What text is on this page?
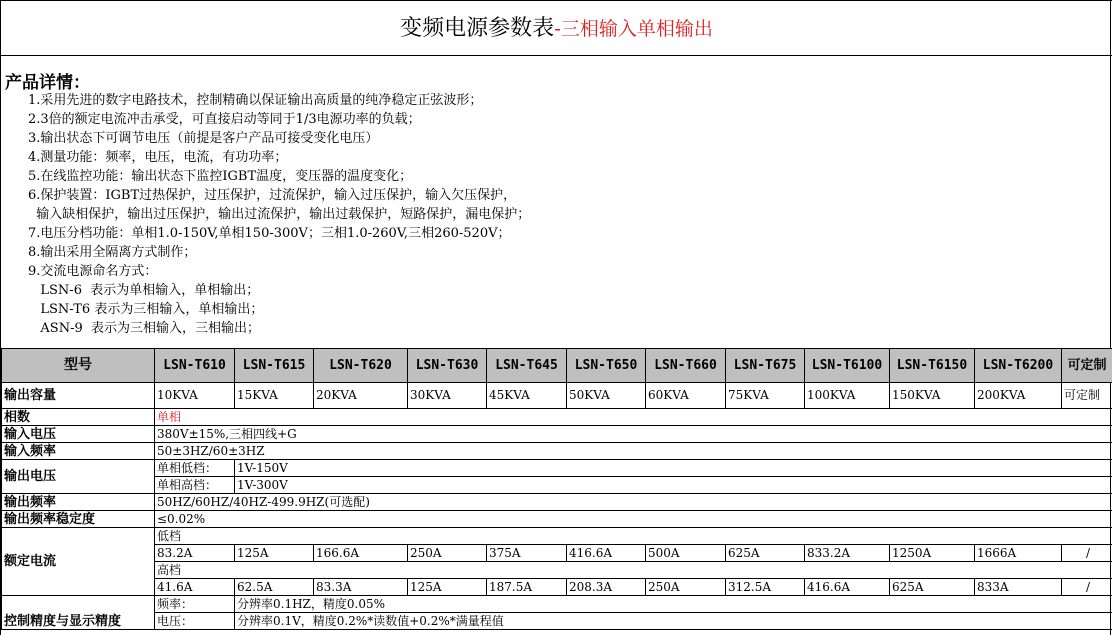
变频电源参数表-三相输入单相输出
产品详情：
1.采用先进的数字电路技术，控制精确以保证输出高质量的纯净稳定正弦波形；
2.3倍的额定电流冲击承受，可直接启动等同于1/3电源功率的负载；
3.输出状态下可调节电压（前提是客户产品可接受变化电压）
4.测量功能：频率，电压，电流，有功功率；
5.在线监控功能：输出状态下监控IGBT温度，变压器的温度变化；
6.保护装置：IGBT过热保护，过压保护，过流保护，输入过压保护，输入欠压保护，
输入缺相保护，输出过压保护，输出过流保护，输出过载保护，短路保护，漏电保护；
7.电压分档功能：单相1.0-150V,单相150-300V；三相1.0-260V,三相260-520V；
8.输出采用全隔离方式制作；
9.交流电源命名方式：
LSN-6  表示为单相输入，单相输出；
LSN-T6 表示为三相输入，单相输出；
ASN-9  表示为三相输入，三相输出；
型号	LSN-T610	LSN-T615	LSN-T620	LSN-T630	LSN-T645	LSN-T650	LSN-T660	LSN-T675	LSN-T6100	LSN-T6150	LSN-T6200	可定制
输出容量	10KVA	15KVA	20KVA	30KVA	45KVA	50KVA	60KVA	75KVA	100KVA	150KVA	200KVA	可定制
相数	单相											
输入电压	380V±15%,三相四线+G											
输入频率	50±3HZ/60±3HZ											
输出电压	单相低档：	1V-150V										
	单相高档：	1V-300V										
输出频率	50HZ/60HZ/40HZ-499.9HZ(可选配)											
输出频率稳定度	≤0.02%											
额定电流	低档											
	83.2A	125A	166.6A	250A	375A	416.6A	500A	625A	833.2A	1250A	1666A	/
	高档											
	41.6A	62.5A	83.3A	125A	187.5A	208.3A	250A	312.5A	416.6A	625A	833A	/
控制精度与显示精度	频率：	分辨率0.1HZ，精度0.05%										
	电压：	分辨率0.1V，精度0.2%*读数值+0.2%*满量程值										
